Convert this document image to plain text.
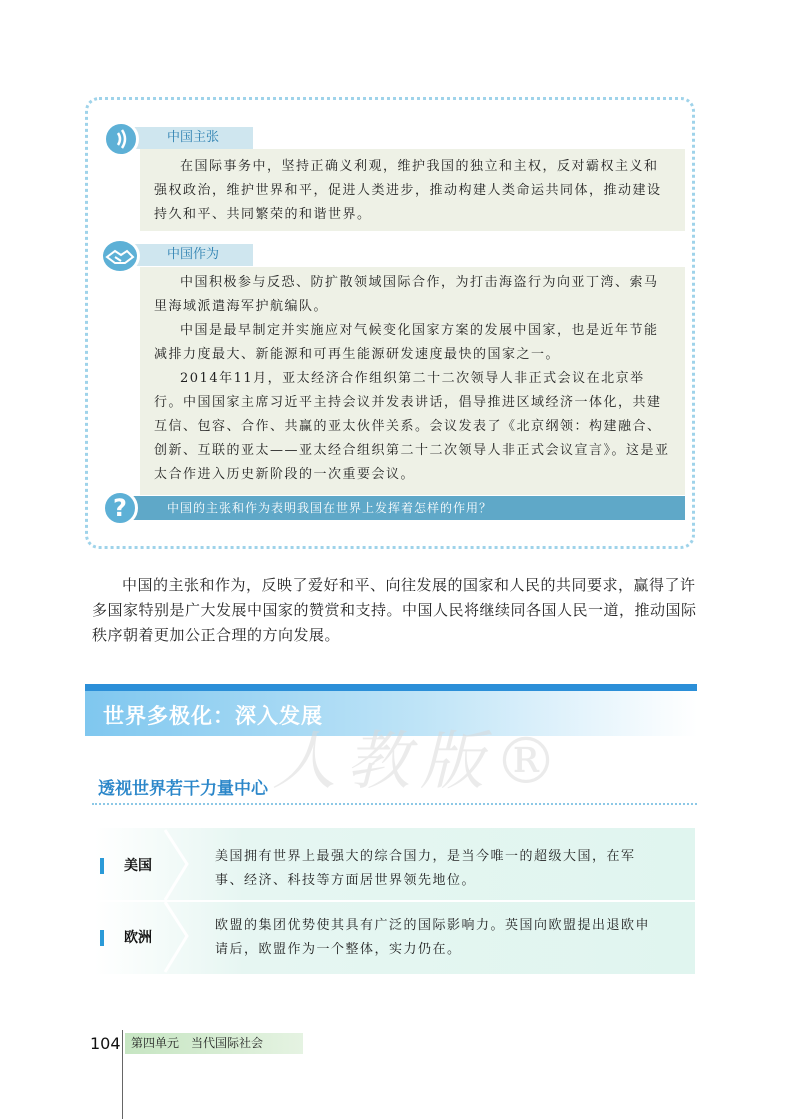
中国主张

在国际事务中，坚持正确义利观，维护我国的独立和主权，反对霸权主义和强权政治，维护世界和平，促进人类进步，推动构建人类命运共同体，推动建设持久和平、共同繁荣的和谐世界。

中国作为

中国积极参与反恐、防扩散领域国际合作，为打击海盗行为向亚丁湾、索马里海域派遣海军护航编队。

中国是最早制定并实施应对气候变化国家方案的发展中国家，也是近年节能减排力度最大、新能源和可再生能源研发速度最快的国家之一。

2014年11月，亚太经济合作组织第二十二次领导人非正式会议在北京举行。中国国家主席习近平主持会议并发表讲话，倡导推进区域经济一体化，共建互信、包容、合作、共赢的亚太伙伴关系。会议发表了《北京纲领：构建融合、创新、互联的亚太——亚太经合组织第二十二次领导人非正式会议宣言》。这是亚太合作进入历史新阶段的一次重要会议。

中国的主张和作为表明我国在世界上发挥着怎样的作用？
?

中国的主张和作为，反映了爱好和平、向往发展的国家和人民的共同要求，赢得了许多国家特别是广大发展中国家的赞赏和支持。中国人民将继续同各国人民一道，推动国际秩序朝着更加公正合理的方向发展。

世界多极化：深入发展
人教版®
透视世界若干力量中心
美国
美国拥有世界上最强大的综合国力，是当今唯一的超级大国，在军事、经济、科技等方面居世界领先地位。
欧洲
欧盟的集团优势使其具有广泛的国际影响力。英国向欧盟提出退欧申请后，欧盟作为一个整体，实力仍在。
104 第四单元　当代国际社会
